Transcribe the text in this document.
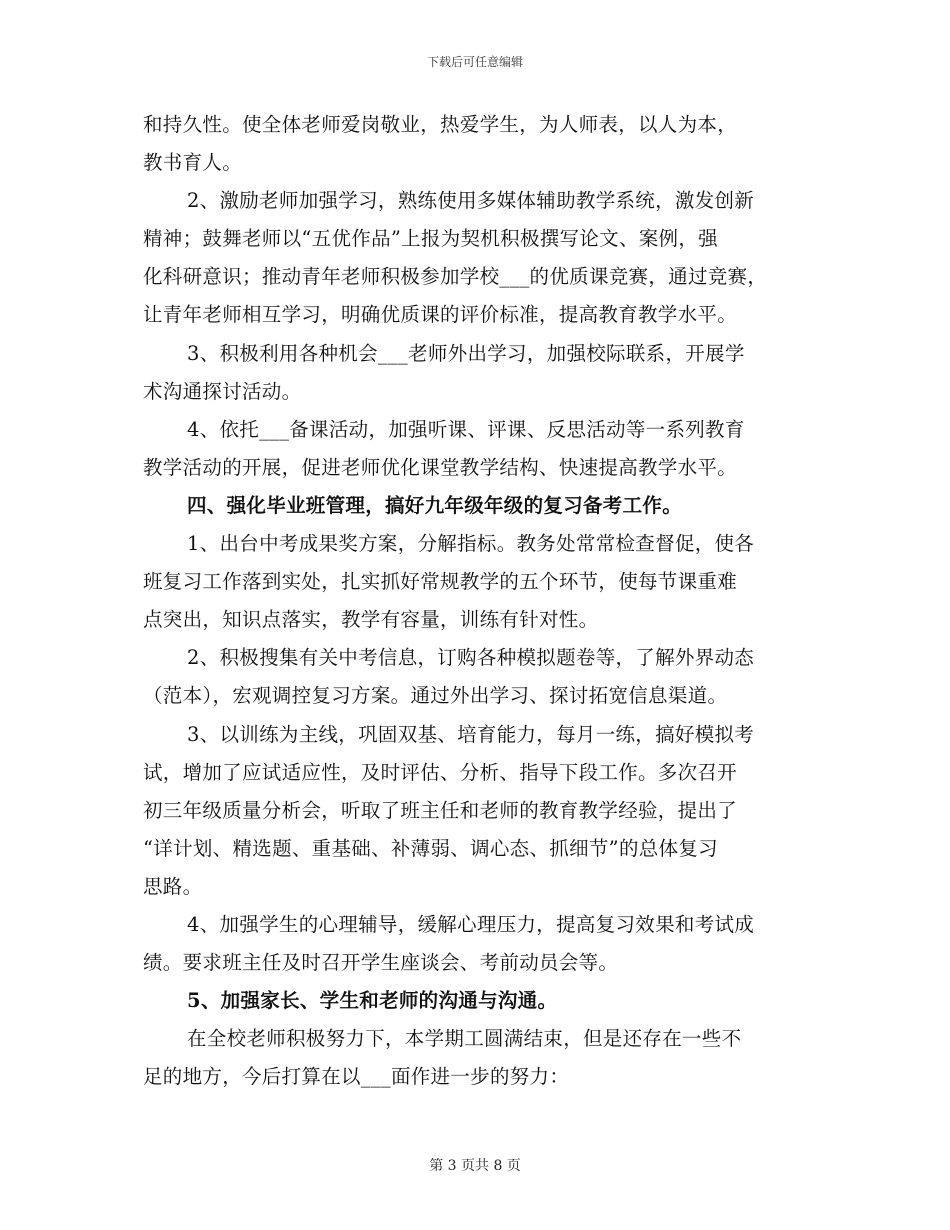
下载后可任意编辑
和持久性。使全体老师爱岗敬业，热爱学生，为人师表，以人为本，
教书育人。
2、激励老师加强学习，熟练使用多媒体辅助教学系统，激发创新
精神；鼓舞老师以“五优作品”上报为契机积极撰写论文、案例，强
化科研意识；推动青年老师积极参加学校___的优质课竞赛，通过竞赛，
让青年老师相互学习，明确优质课的评价标准，提高教育教学水平。
3、积极利用各种机会___老师外出学习，加强校际联系，开展学
术沟通探讨活动。
4、依托___备课活动，加强听课、评课、反思活动等一系列教育
教学活动的开展，促进老师优化课堂教学结构、快速提高教学水平。
四、强化毕业班管理，搞好九年级年级的复习备考工作。
1、出台中考成果奖方案，分解指标。教务处常常检查督促，使各
班复习工作落到实处，扎实抓好常规教学的五个环节，使每节课重难
点突出，知识点落实，教学有容量，训练有针对性。
2、积极搜集有关中考信息，订购各种模拟题卷等，了解外界动态
（范本），宏观调控复习方案。通过外出学习、探讨拓宽信息渠道。
3、以训练为主线，巩固双基、培育能力，每月一练，搞好模拟考
试，增加了应试适应性，及时评估、分析、指导下段工作。多次召开
初三年级质量分析会，听取了班主任和老师的教育教学经验，提出了
“详计划、精选题、重基础、补薄弱、调心态、抓细节”的总体复习
思路。
4、加强学生的心理辅导，缓解心理压力，提高复习效果和考试成
绩。要求班主任及时召开学生座谈会、考前动员会等。
5、加强家长、学生和老师的沟通与沟通。
在全校老师积极努力下，本学期工圆满结束，但是还存在一些不
足的地方，今后打算在以___面作进一步的努力：
第 3 页共 8 页
